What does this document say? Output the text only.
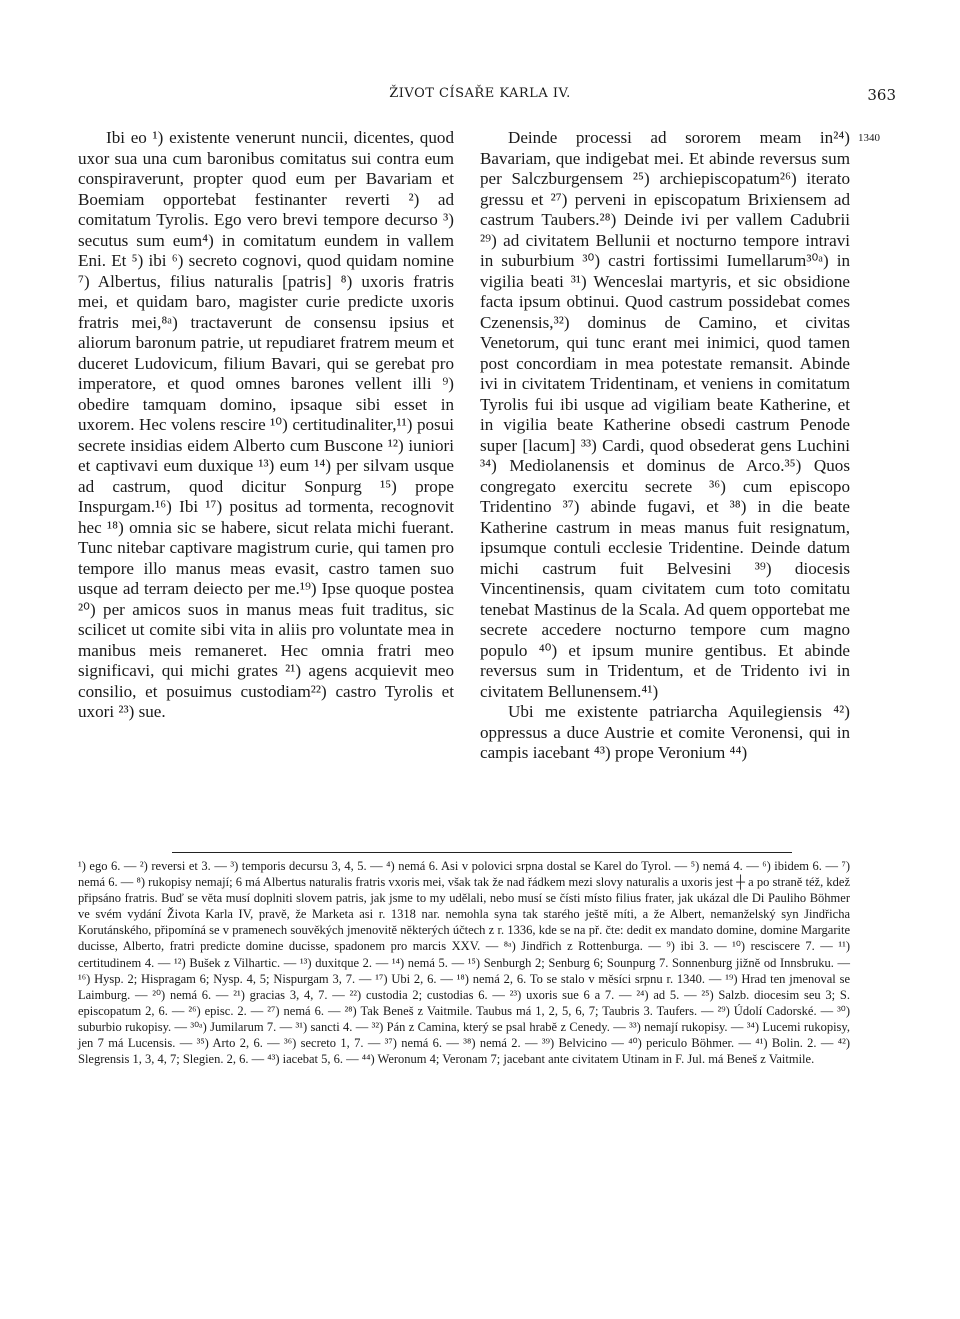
ŽIVOT CÍSAŘE KARLA IV.	363

Ibi eo ¹) existente venerunt nuncii, dicentes, quod uxor sua una cum baronibus comitatus sui contra eum conspiraverunt, propter quod eum per Bavariam et Boemiam opportebat festinanter reverti ²) ad comitatum Tyrolis. Ego vero brevi tempore decurso ³) secutus sum eum⁴) in comitatum eundem in vallem Eni. Et ⁵) ibi ⁶) secreto cognovi, quod quidam nomine ⁷) Albertus, filius naturalis [patris] ⁸) uxoris fratris mei, et quidam baro, magister curie predicte uxoris fratris mei,⁸ᵃ) tractaverunt de consensu ipsius et aliorum baronum patrie, ut repudiaret fratrem meum et duceret Ludovicum, filium Bavari, qui se gerebat pro imperatore, et quod omnes barones vellent illi ⁹) obedire tamquam domino, ipsaque sibi esset in uxorem. Hec volens rescire ¹⁰) certitudinaliter,¹¹) posui secrete insidias eidem Alberto cum Buscone ¹²) iuniori et captivavi eum duxique ¹³) eum ¹⁴) per silvam usque ad castrum, quod dicitur Sonpurg ¹⁵) prope Inspurgam.¹⁶) Ibi ¹⁷) positus ad tormenta, recognovit hec ¹⁸) omnia sic se habere, sicut relata michi fuerant. Tunc nitebar captivare magistrum curie, qui tamen pro tempore illo manus meas evasit, castro tamen suo usque ad terram deiecto per me.¹⁹) Ipse quoque postea ²⁰) per amicos suos in manus meas fuit traditus, sic scilicet ut comite sibi vita in aliis pro voluntate mea in manibus meis remaneret. Hec omnia fratri meo significavi, qui michi grates ²¹) agens acquievit meo consilio, et posuimus custodiam²²) castro Tyrolis et uxori ²³) sue.

Deinde processi ad sororem meam in²⁴) Bavariam, que indigebat mei. Et abinde reversus sum per Salczburgensem ²⁵) archiepiscopatum²⁶) iterato gressu et ²⁷) perveni in episcopatum Brixiensem ad castrum Taubers.²⁸) Deinde ivi per vallem Cadubrii ²⁹) ad civitatem Bellunii et nocturno tempore intravi in suburbium ³⁰) castri fortissimi Iumellarum³⁰ᵃ) in vigilia beati ³¹) Wenceslai martyris, et sic obsidione facta ipsum obtinui. Quod castrum possidebat comes Czenensis,³²) dominus de Camino, et civitas Venetorum, qui tunc erant mei inimici, quod tamen post concordiam in mea potestate remansit. Abinde ivi in civitatem Tridentinam, et veniens in comitatum Tyrolis fui ibi usque ad vigiliam beate Katherine, et in vigilia beate Katherine obsedi castrum Penode super [lacum] ³³) Cardi, quod obsederat gens Luchini ³⁴) Mediolanensis et dominus de Arco.³⁵) Quos congregato exercitu secrete ³⁶) cum episcopo Tridentino ³⁷) abinde fugavi, et ³⁸) in die beate Katherine castrum in meas manus fuit resignatum, ipsumque contuli ecclesie Tridentine. Deinde datum michi castrum fuit Belvesini ³⁹) diocesis Vincentinensis, quam civitatem cum toto comitatu tenebat Mastinus de la Scala. Ad quem opportebat me secrete accedere nocturno tempore cum magno populo ⁴⁰) et ipsum munire gentibus. Et abinde reversus sum in Tridentum, et de Tridento ivi in civitatem Bellunensem.⁴¹)

Ubi me existente patriarcha Aquilegiensis ⁴²) oppressus a duce Austrie et comite Veronensi, qui in campis iacebant ⁴³) prope Veronium ⁴⁴)

1340

¹) ego 6. — ²) reversi et 3. — ³) temporis decursu 3, 4, 5. — ⁴) nemá 6. Asi v polovici srpna dostal se Karel do Tyrol. — ⁵) nemá 4. — ⁶) ibidem 6. — ⁷) nemá 6. — ⁸) rukopisy nemají; 6 má Albertus naturalis fratris vxoris mei, však tak že nad řádkem mezi slovy naturalis a uxoris jest ┼ a po straně též, kdež připsáno fratris. Buď se věta musí doplniti slovem patris, jak jsme to my udělali, nebo musí se čísti místo filius frater, jak ukázal dle Di Pauliho Böhmer ve svém vydání Života Karla IV, pravě, že Marketa asi r. 1318 nar. nemohla syna tak starého ještě míti, a že Albert, nemanželský syn Jindřicha Korutánského, připomíná se v pramenech souvěkých jmenovitě některých účtech z r. 1336, kde se na př. čte: dedit ex mandato domine, domine Margarite ducisse, Alberto, fratri predicte domine ducisse, spadonem pro marcis XXV. — ⁸ᵃ) Jindřich z Rottenburga. — ⁹) ibi 3. — ¹⁰) resciscere 7. — ¹¹) certitudinem 4. — ¹²) Bušek z Vilhartic. — ¹³) duxitque 2. — ¹⁴) nemá 5. — ¹⁵) Senburgh 2; Senburg 6; Sounpurg 7. Sonnenburg jižně od Innsbruku. — ¹⁶) Hysp. 2; Hispragam 6; Nysp. 4, 5; Nispurgam 3, 7. — ¹⁷) Ubi 2, 6. — ¹⁸) nemá 2, 6. To se stalo v měsíci srpnu r. 1340. — ¹⁹) Hrad ten jmenoval se Laimburg. — ²⁰) nemá 6. — ²¹) gracias 3, 4, 7. — ²²) custodia 2; custodias 6. — ²³) uxoris sue 6 a 7. — ²⁴) ad 5. — ²⁵) Salzb. diocesim seu 3; S. episcopatum 2, 6. — ²⁶) episc. 2. — ²⁷) nemá 6. — ²⁸) Tak Beneš z Vaitmile. Taubus má 1, 2, 5, 6, 7; Taubris 3. Taufers. — ²⁹) Údolí Cadorské. — ³⁰) suburbio rukopisy. — ³⁰ᵃ) Jumilarum 7. — ³¹) sancti 4. — ³²) Pán z Camina, který se psal hrabě z Cenedy. — ³³) nemají rukopisy. — ³⁴) Lucemi rukopisy, jen 7 má Lucensis. — ³⁵) Arto 2, 6. — ³⁶) secreto 1, 7. — ³⁷) nemá 6. — ³⁸) nemá 2. — ³⁹) Belvicino — ⁴⁰) periculo Böhmer. — ⁴¹) Bolin. 2. — ⁴²) Slegrensis 1, 3, 4, 7; Slegien. 2, 6. — ⁴³) iacebat 5, 6. — ⁴⁴) Weronum 4; Veronam 7; jacebant ante civitatem Utinam in F. Jul. má Beneš z Vaitmile.
